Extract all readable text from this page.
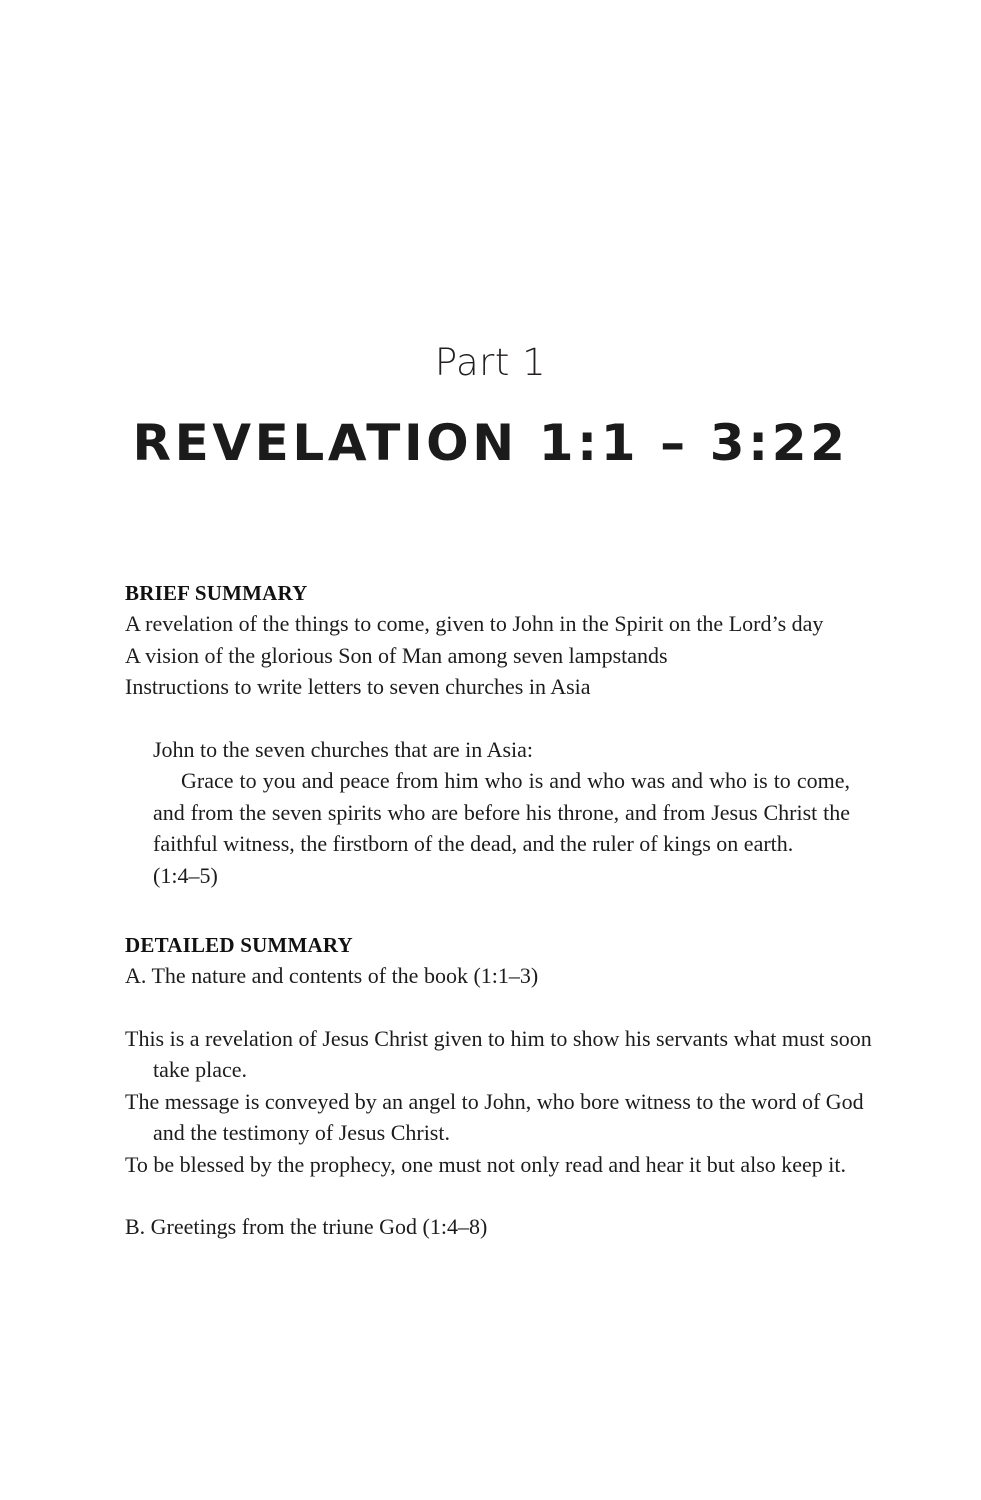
Part 1
REVELATION 1:1 – 3:22
BRIEF SUMMARY

A revelation of the things to come, given to John in the Spirit on the Lord’s day

A vision of the glorious Son of Man among seven lampstands

Instructions to write letters to seven churches in Asia

John to the seven churches that are in Asia:

Grace to you and peace from him who is and who was and who is to come, and from the seven spirits who are before his throne, and from Jesus Christ the faithful witness, the firstborn of the dead, and the ruler of kings on earth.

(1:4–5)

DETAILED SUMMARY

A. The nature and contents of the book (1:1–3)

This is a revelation of Jesus Christ given to him to show his servants what must soon take place.

The message is conveyed by an angel to John, who bore witness to the word of God and the testimony of Jesus Christ.

To be blessed by the prophecy, one must not only read and hear it but also keep it.

B. Greetings from the triune God (1:4–8)
